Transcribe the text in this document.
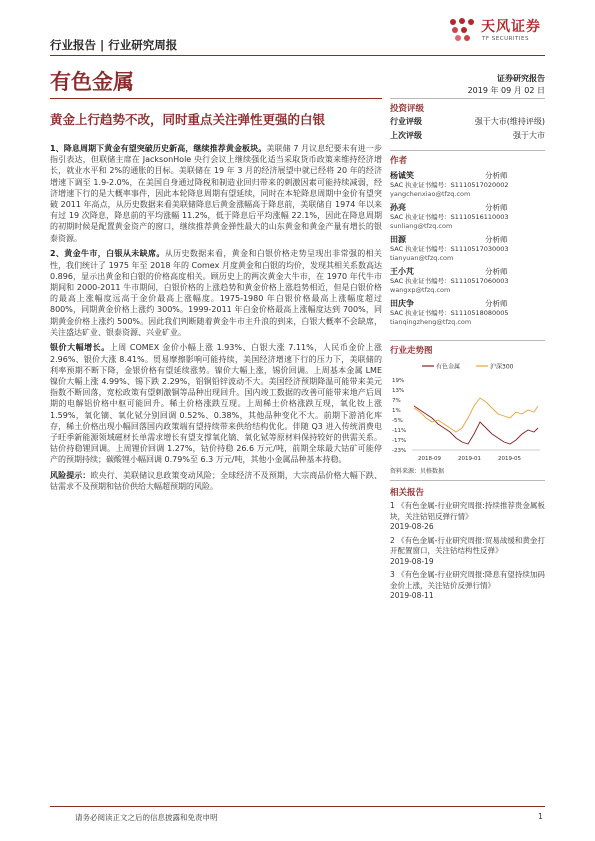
行业报告 | 行业研究周报
天风证券
TF SECURITIES
有色金属
黄金上行趋势不改，同时重点关注弹性更强的白银

1、降息周期下黄金有望突破历史新高，继续推荐黄金板块。美联储 7 月议息纪要未有进一步指引表达，但联储主席在 JacksonHole 央行会议上继续强化适当采取货币政策来维持经济增长，就业水平和 2%的通胀的目标。美联储在 19 年 3 月的经济展望中就已经将 20 年的经济增速下调至 1.9-2.0%，在美国自身通过降税和制造业回归带来的刺激因素可能持续减弱，经济增速下行的是大概率事件，因此本轮降息周期有望延续，同时在本轮降息周期中金价有望突破 2011 年高点，从历史数据来看美联储降息后黄金涨幅高于降息前，美联储自 1974 年以来有过 19 次降息，降息前的平均涨幅 11.2%，低于降息后平均涨幅 22.1%，因此在降息周期的初期时候是配置黄金资产的窗口，继续推荐黄金弹性最大的山东黄金和黄金产量有增长的银泰资源。

2、黄金牛市，白银从未缺席。从历史数据来看，黄金和白银价格走势呈现出非常强的相关性，我们统计了 1975 年至 2018 年的 Comex 月度黄金和白银的均价，发现其相关系数高达 0.896，显示出黄金和白银的价格高度相关。顾历史上的两次黄金大牛市，在 1970 年代牛市期间和 2000-2011 牛市期间，白银价格的上涨趋势和黄金价格上涨趋势相近，但是白银价格的最高上涨幅度远高于金价最高上涨幅度。1975-1980 年白银价格最高上涨幅度超过 800%，同期黄金价格上涨约 300%。1999-2011 年白金价格最高上涨幅度达到 700%，同期黄金价格上涨约 500%。因此我们判断随着黄金牛市主升浪的到来，白银大概率不会缺席，关注盛达矿业、银泰资源、兴业矿业。

银价大幅增长。上周 COMEX 金价小幅上涨 1.93%、白银大涨 7.11%，人民币金价上涨 2.96%、银价大涨 8.41%。贸易摩擦影响可能持续，美国经济增速下行的压力下，美联储的利率预期不断下降，金银价格有望延续涨势。镍价大幅上涨，锡价回调。上周基本金属 LME 镍价大幅上涨 4.99%、锡下跌 2.29%，铝铜铅锌波动不大。美国经济预期降温可能带来美元指数不断回落，宽松政策有望刺激铜等品种出现回升。国内竣工数据的改善可能带来地产后周期的电解铝价格中枢可能回升。稀土价格涨跌互现。上周稀土价格涨跌互现，氧化钕上涨 1.59%，氧化镝、氧化铽分别回调 0.52%、0.38%，其他品种变化不大。前期下游消化库存，稀土价格出现小幅回落国内政策端有望持续带来供给结构优化。伴随 Q3 进入传统消费电子旺季新能源领域磁材长单需求增长有望支撑氧化镝、氧化铽等原材料保持较好的供需关系。钴价持稳锂回调。上周锂价回调 1.27%，钴价持稳 26.6 万元/吨，前期全球最大钴矿可能停产的预期持续；碳酸锂小幅回调 0.79%至 6.3 万元/吨，其他小金属品种基本持稳。

风险提示：欧央行、美联储议息政策变动风险；全球经济不及预期，大宗商品价格大幅下跌、钴需求不及预期和钴价供给大幅超预期的风险。

证券研究报告
2019 年 09 月 02 日
投资评级
行业评级	强于大市(维持评级)
上次评级	强于大市
作者
杨诚笑	分析师
SAC 执业证书编号：S1110517020002
yangchenxiao@tfzq.com
孙亮	分析师
SAC 执业证书编号：S1110516110003
sunliang@tfzq.com
田源	分析师
SAC 执业证书编号：S1110517030003
tianyuan@tfzq.com
王小芃	分析师
SAC 执业证书编号：S1110517060003
wangxp@tfzq.com
田庆争	分析师
SAC 执业证书编号：S1110518080005
tianqingzheng@tfzq.com
行业走势图
有色金属	沪深300
19%
13%
7%
1%
-5%
-11%
-17%
-23%
2018-09	2019-01	2019-05
资料来源：贝格数据
相关报告
1 《有色金属-行业研究周报:持续推荐贵金属板块，关注钴铝反弹行情》
2019-08-26
2 《有色金属-行业研究周报:贸易战缓和黄金打开配置窗口，关注钴结构性反弹》
2019-08-19
3 《有色金属-行业研究周报:降息有望持续加码金价上涨，关注钴价反弹行情》
2019-08-11
请务必阅读正文之后的信息披露和免责申明	1
